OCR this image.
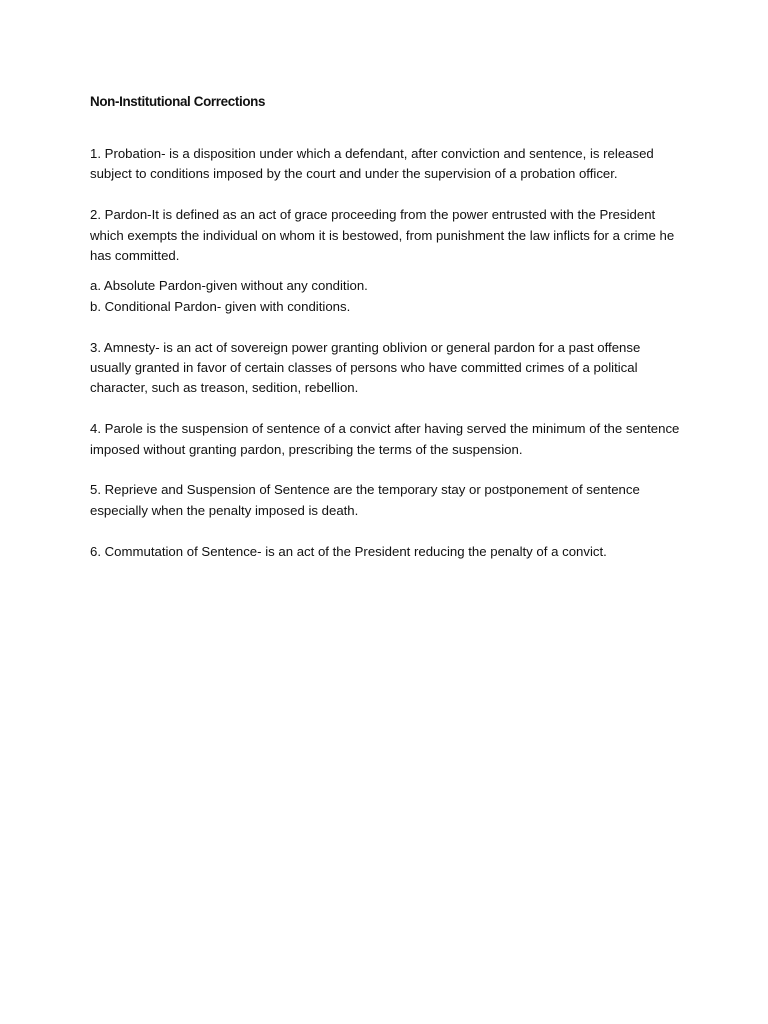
Non-Institutional Corrections

1. Probation- is a disposition under which a defendant, after conviction and sentence, is released subject to conditions imposed by the court and under the supervision of a probation officer.

2. Pardon-It is defined as an act of grace proceeding from the power entrusted with the President which exempts the individual on whom it is bestowed, from punishment the law inflicts for a crime he has committed.

a. Absolute Pardon-given without any condition.

b. Conditional Pardon- given with conditions.

3. Amnesty- is an act of sovereign power granting oblivion or general pardon for a past offense usually granted in favor of certain classes of persons who have committed crimes of a political character, such as treason, sedition, rebellion.

4. Parole is the suspension of sentence of a convict after having served the minimum of the sentence imposed without granting pardon, prescribing the terms of the suspension.

5. Reprieve and Suspension of Sentence are the temporary stay or postponement of sentence especially when the penalty imposed is death.

6. Commutation of Sentence- is an act of the President reducing the penalty of a convict.
